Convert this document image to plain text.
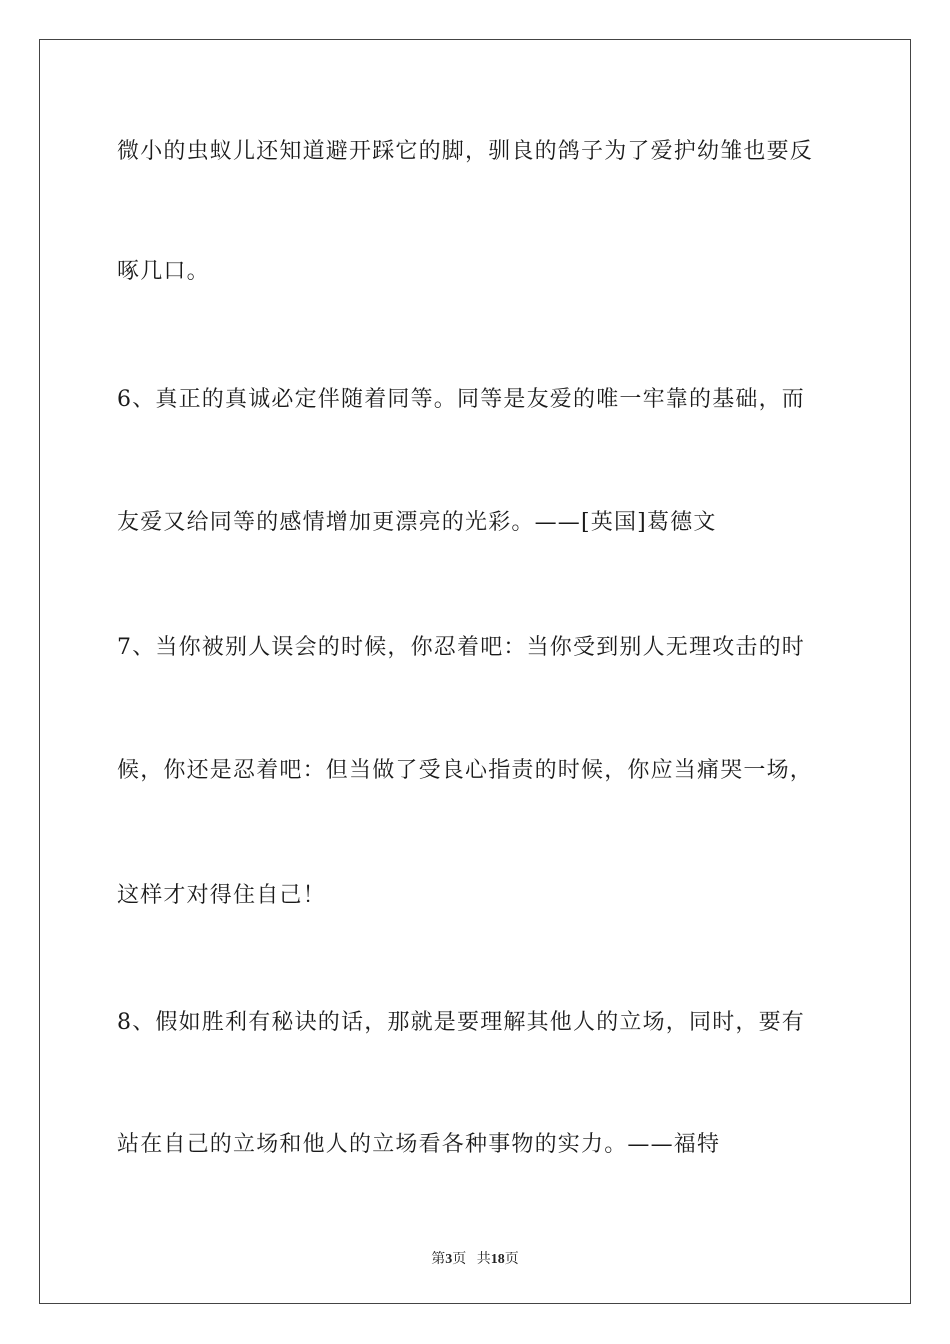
微小的虫蚁儿还知道避开踩它的脚，驯良的鸽子为了爱护幼雏也要反
啄几口。
6、真正的真诚必定伴随着同等。同等是友爱的唯一牢靠的基础，而
友爱又给同等的感情增加更漂亮的光彩。——[英国]葛德文
7、当你被别人误会的时候，你忍着吧：当你受到别人无理攻击的时
候，你还是忍着吧：但当做了受良心指责的时候，你应当痛哭一场，
这样才对得住自己！
8、假如胜利有秘诀的话，那就是要理解其他人的立场，同时，要有
站在自己的立场和他人的立场看各种事物的实力。——福特
第3页 共18页
